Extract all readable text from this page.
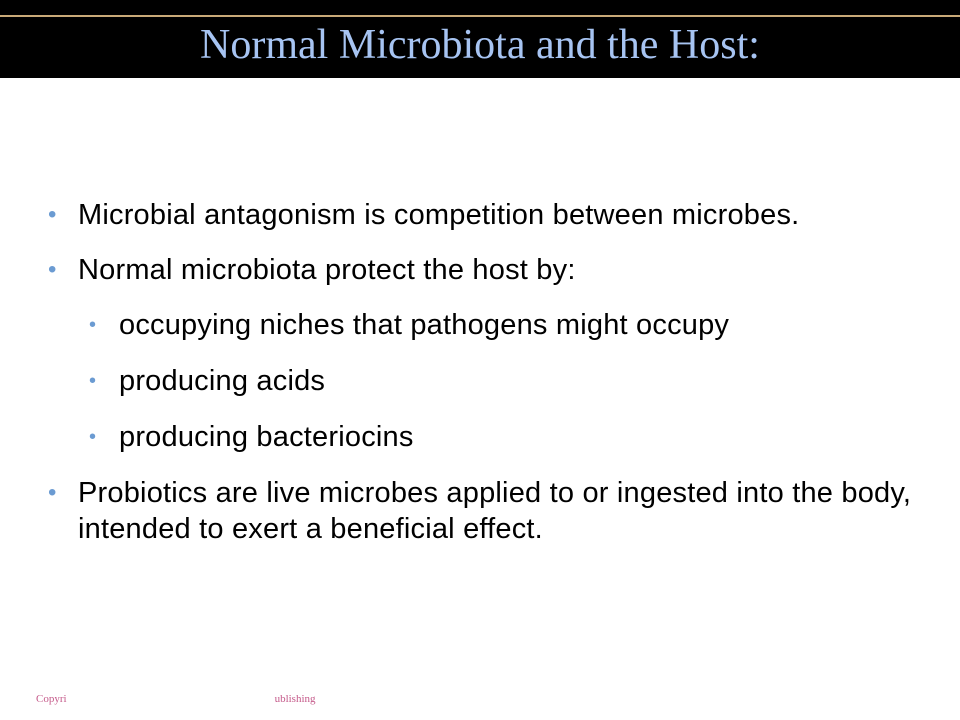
Normal Microbiota and the Host:
• Microbial antagonism is competition between microbes.
• Normal microbiota protect the host by:
• occupying niches that pathogens might occupy
• producing acids
• producing bacteriocins
• Probiotics are live microbes applied to or ingested into the body, intended to exert a beneficial effect.
Copyri	ublishing
